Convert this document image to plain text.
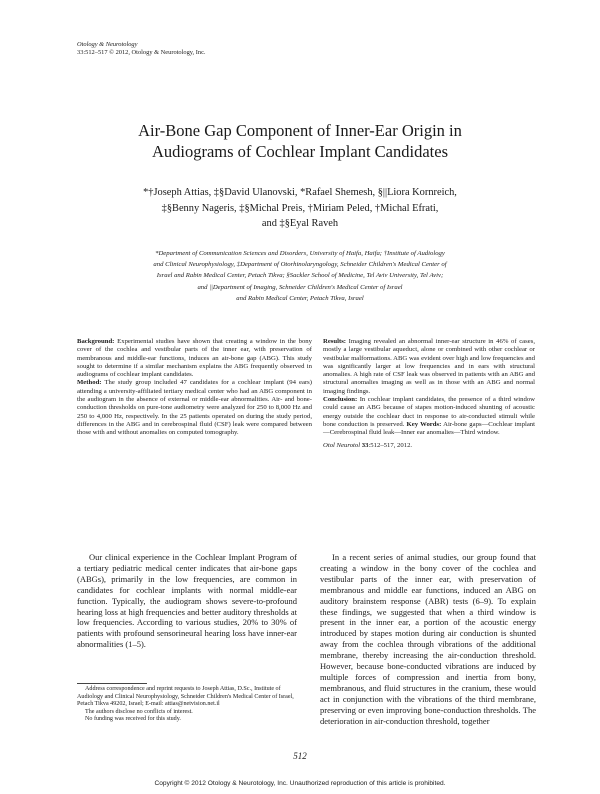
Otology & Neurotology
33:512–517 © 2012, Otology & Neurotology, Inc.
Air-Bone Gap Component of Inner-Ear Origin in
Audiograms of Cochlear Implant Candidates
*†Joseph Attias, ‡§David Ulanovski, *Rafael Shemesh, §||Liora Kornreich,
‡§Benny Nageris, ‡§Michal Preis, †Miriam Peled, †Michal Efrati,
and ‡§Eyal Raveh
*Department of Communication Sciences and Disorders, University of Haifa, Haifa; †Institute of Audiology
and Clinical Neurophysiology, ‡Department of Otorhinolaryngology, Schneider Children's Medical Center of
Israel and Rabin Medical Center, Petach Tikva; §Sackler School of Medicine, Tel Aviv University, Tel Aviv;
and ||Department of Imaging, Schneider Children's Medical Center of Israel
and Rabin Medical Center, Petach Tikva, Israel

Background: Experimental studies have shown that creating a window in the bony cover of the cochlea and vestibular parts of the inner ear, with preservation of membranous and middle-ear functions, induces an air-bone gap (ABG). This study sought to determine if a similar mechanism explains the ABG frequently observed in audiograms of cochlear implant candidates.

Method: The study group included 47 candidates for a cochlear implant (94 ears) attending a university-affiliated tertiary medical center who had an ABG component in the audiogram in the absence of external or middle-ear abnormalities. Air- and bone-conduction thresholds on pure-tone audiometry were analyzed for 250 to 8,000 Hz and 250 to 4,000 Hz, respectively. In the 25 patients operated on during the study period, differences in the ABG and in cerebrospinal fluid (CSF) leak were compared between those with and without anomalies on computed tomography.

Results: Imaging revealed an abnormal inner-ear structure in 46% of cases, mostly a large vestibular aqueduct, alone or combined with other cochlear or vestibular malformations. ABG was evident over high and low frequencies and was significantly larger at low frequencies and in ears with structural anomalies. A high rate of CSF leak was observed in patients with an ABG and structural anomalies imaging as well as in those with an ABG and normal imaging findings.

Conclusion: In cochlear implant candidates, the presence of a third window could cause an ABG because of stapes motion-induced shunting of acoustic energy outside the cochlear duct in response to air-conducted stimuli while bone conduction is preserved. Key Words: Air-bone gaps—Cochlear implant—Cerebrospinal fluid leak—Inner ear anomalies—Third window.

Otol Neurotol 33:512–517, 2012.

Our clinical experience in the Cochlear Implant Program of a tertiary pediatric medical center indicates that air-bone gaps (ABGs), primarily in the low frequencies, are common in candidates for cochlear implants with normal middle-ear function. Typically, the audiogram shows severe-to-profound hearing loss at high frequencies and better auditory thresholds at low frequencies. According to various studies, 20% to 30% of patients with profound sensorineural hearing loss have inner-ear abnormalities (1–5).

In a recent series of animal studies, our group found that creating a window in the bony cover of the cochlea and vestibular parts of the inner ear, with preservation of membranous and middle ear functions, induced an ABG on auditory brainstem response (ABR) tests (6–9). To explain these findings, we suggested that when a third window is present in the inner ear, a portion of the acoustic energy introduced by stapes motion during air conduction is shunted away from the cochlea through vibrations of the additional membrane, thereby increasing the air-conduction threshold. However, because bone-conducted vibrations are induced by multiple forces of compression and inertia from bony, membranous, and fluid structures in the cranium, these would act in conjunction with the vibrations of the third membrane, preserving or even improving bone-conduction thresholds. The deterioration in air-conduction threshold, together

Address correspondence and reprint requests to Joseph Attias, D.Sc., Institute of Audiology and Clinical Neurophysiology, Schneider Children's Medical Center of Israel, Petach Tikva 49202, Israel; E-mail: attias@netvision.net.il

The authors disclose no conflicts of interest.

No funding was received for this study.

512
Copyright © 2012 Otology & Neurotology, Inc. Unauthorized reproduction of this article is prohibited.
